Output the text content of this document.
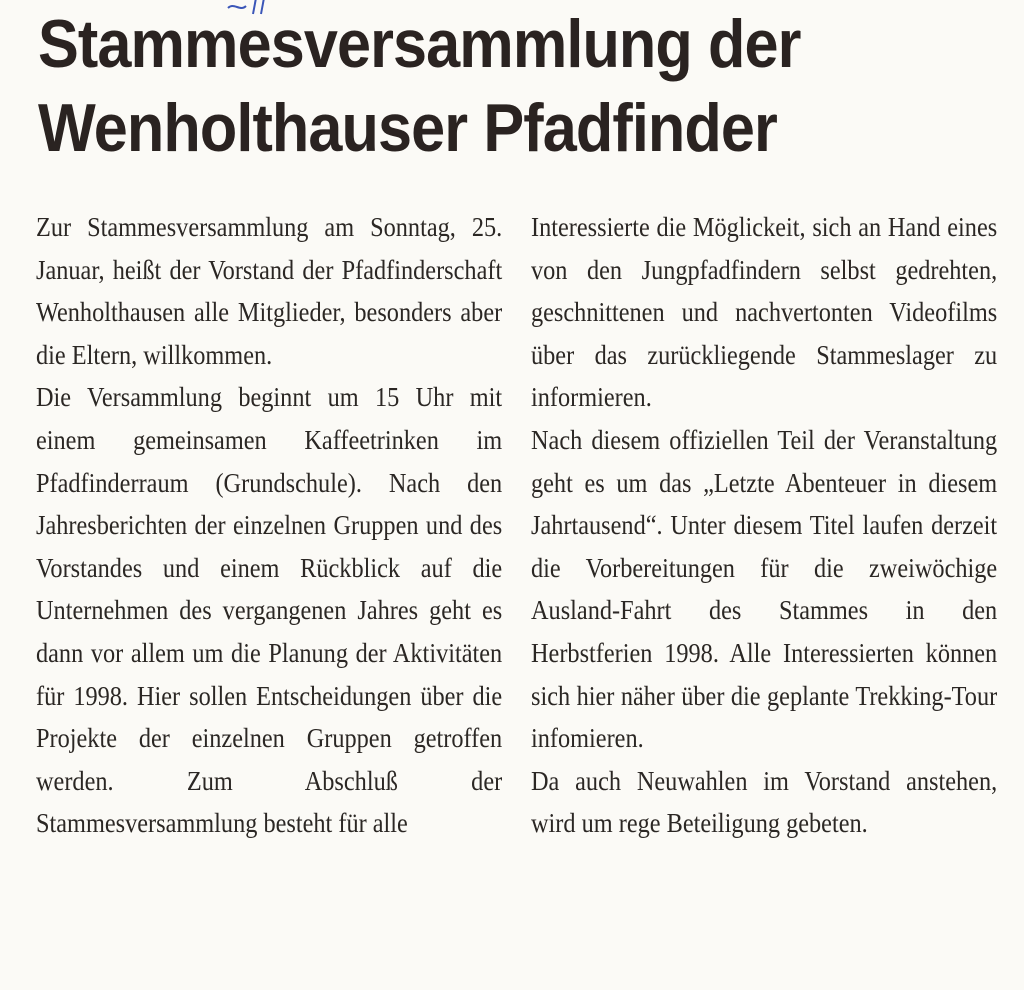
Stammesversammlung der
Wenholthauser Pfadfinder

Zur Stammesversammlung am Sonntag, 25. Januar, heißt der Vorstand der Pfadfinderschaft Wenholthausen alle Mitglieder, besonders aber die Eltern, willkommen.

Die Versammlung beginnt um 15 Uhr mit einem gemeinsamen Kaffeetrinken im Pfadfinderraum (Grundschule). Nach den Jahresberichten der einzelnen Gruppen und des Vorstandes und einem Rückblick auf die Unternehmen des vergangenen Jahres geht es dann vor allem um die Planung der Aktivitäten für 1998. Hier sollen Entscheidungen über die Projekte der einzelnen Gruppen getroffen werden. Zum Abschluß der Stammesversammlung besteht für alle

Interessierte die Möglickeit, sich an Hand eines von den Jungpfadfindern selbst gedrehten, geschnittenen und nachvertonten Videofilms über das zurückliegende Stammeslager zu informieren.

Nach diesem offiziellen Teil der Veranstaltung geht es um das „Letzte Abenteuer in diesem Jahrtausend“. Unter diesem Titel laufen derzeit die Vorbereitungen für die zweiwöchige Ausland-Fahrt des Stammes in den Herbstferien 1998. Alle Interessierten können sich hier näher über die geplante Trekking-Tour infomieren.

Da auch Neuwahlen im Vorstand anstehen, wird um rege Beteiligung gebeten.
